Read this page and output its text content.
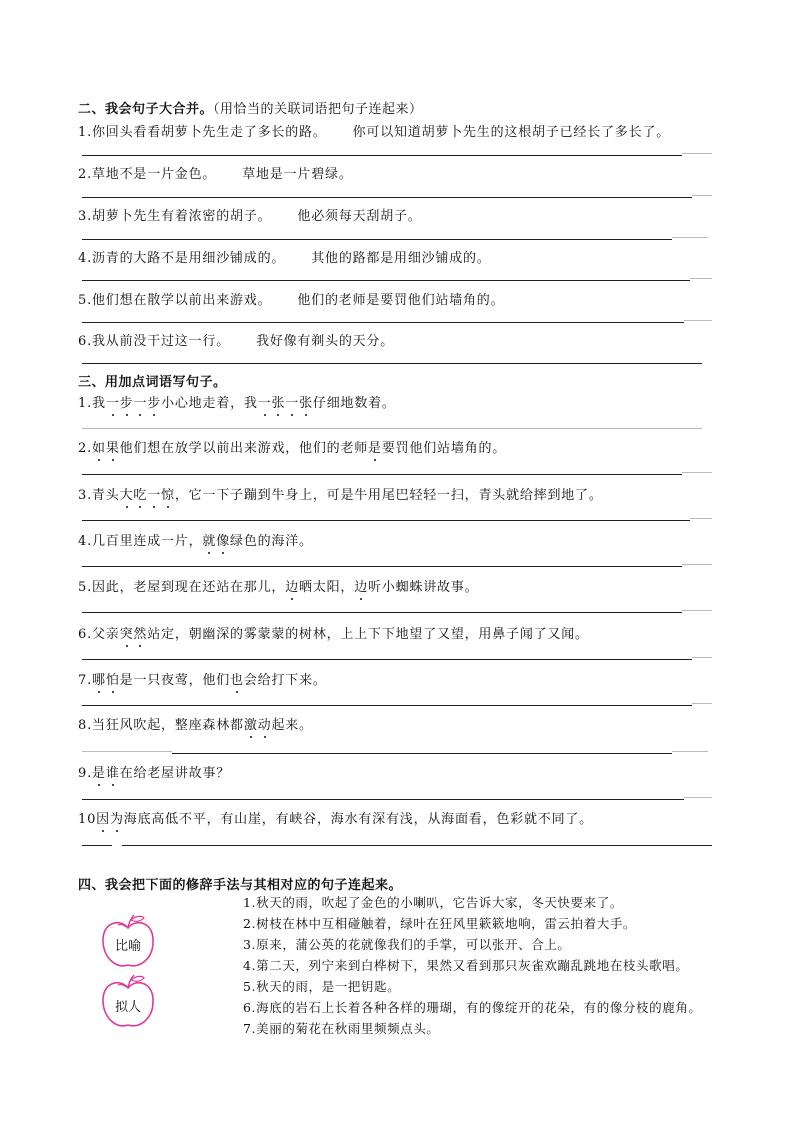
二、我会句子大合并。（用恰当的关联词语把句子连起来）
1.你回头看看胡萝卜先生走了多长的路。 你可以知道胡萝卜先生的这根胡子已经长了多长了。
2.草地不是一片金色。 草地是一片碧绿。
3.胡萝卜先生有着浓密的胡子。 他必须每天刮胡子。
4.沥青的大路不是用细沙铺成的。 其他的路都是用细沙铺成的。
5.他们想在散学以前出来游戏。 他们的老师是要罚他们站墙角的。
6.我从前没干过这一行。 我好像有剃头的天分。
三、用加点词语写句子。
1.我一步一步小心地走着，我一张一张仔细地数着。
2.如果他们想在放学以前出来游戏，他们的老师是要罚他们站墙角的。
3.青头大吃一惊，它一下子蹦到牛身上，可是牛用尾巴轻轻一扫，青头就给摔到地了。
4.几百里连成一片，就像绿色的海洋。
5.因此，老屋到现在还站在那儿，边晒太阳，边听小蜘蛛讲故事。
6.父亲突然站定，朝幽深的雾蒙蒙的树林，上上下下地望了又望，用鼻子闻了又闻。
7.哪怕是一只夜莺，他们也会给打下来。
8.当狂风吹起，整座森林都激动起来。
9.是谁在给老屋讲故事？
10因为海底高低不平，有山崖，有峡谷，海水有深有浅，从海面看，色彩就不同了。
四、我会把下面的修辞手法与其相对应的句子连起来。
比喻
拟人
1.秋天的雨，吹起了金色的小喇叭，它告诉大家，冬天快要来了。
2.树枝在林中互相碰触着，绿叶在狂风里簌簌地响，雷云拍着大手。
3.原来，蒲公英的花就像我们的手掌，可以张开、合上。
4.第二天，列宁来到白桦树下，果然又看到那只灰雀欢蹦乱跳地在枝头歌唱。
5.秋天的雨，是一把钥匙。
6.海底的岩石上长着各种各样的珊瑚，有的像绽开的花朵，有的像分枝的鹿角。
7.美丽的菊花在秋雨里频频点头。
